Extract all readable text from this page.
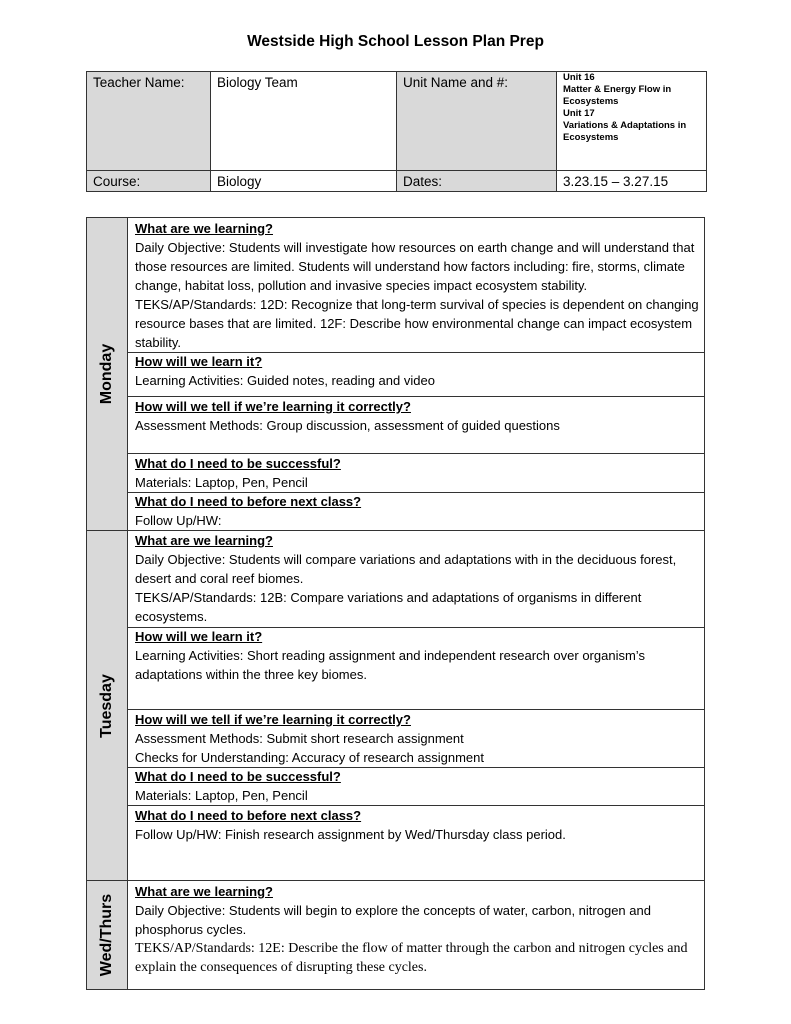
Westside High School Lesson Plan Prep
Teacher Name:	Biology Team	Unit Name and #:	Unit 16
Matter & Energy Flow in Ecosystems
Unit 17
Variations & Adaptations in Ecosystems

Course:	Biology	Dates:	3.23.15 – 3.27.15
Monday
What are we learning?
Daily Objective: Students will investigate how resources on earth change and will understand that those resources are limited. Students will understand how factors including: fire, storms, climate change, habitat loss, pollution and invasive species impact ecosystem stability.
TEKS/AP/Standards: 12D: Recognize that long-term survival of species is dependent on changing resource bases that are limited. 12F: Describe how environmental change can impact ecosystem stability.
How will we learn it?
Learning Activities: Guided notes, reading and video
How will we tell if we’re learning it correctly?
Assessment Methods: Group discussion, assessment of guided questions
What do I need to be successful?
Materials: Laptop, Pen, Pencil
What do I need to before next class?
Follow Up/HW:
Tuesday
What are we learning?
Daily Objective: Students will compare variations and adaptations with in the deciduous forest, desert and coral reef biomes.
TEKS/AP/Standards: 12B: Compare variations and adaptations of organisms in different ecosystems.
How will we learn it?
Learning Activities: Short reading assignment and independent research over organism’s adaptations within the three key biomes.
How will we tell if we’re learning it correctly?
Assessment Methods: Submit short research assignment
Checks for Understanding: Accuracy of research assignment
What do I need to be successful?
Materials: Laptop, Pen, Pencil
What do I need to before next class?
Follow Up/HW: Finish research assignment by Wed/Thursday class period.
Wed/Thurs
What are we learning?
Daily Objective: Students will begin to explore the concepts of water, carbon, nitrogen and phosphorus cycles.
TEKS/AP/Standards: 12E: Describe the flow of matter through the carbon and nitrogen cycles and explain the consequences of disrupting these cycles.
